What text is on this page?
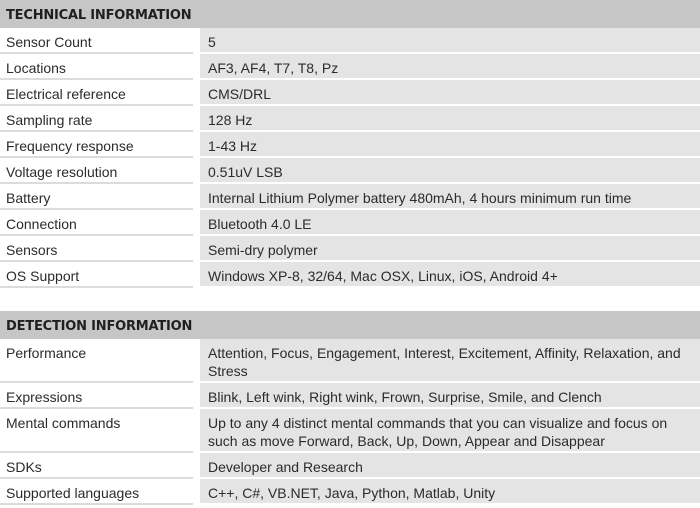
TECHNICAL INFORMATION
Sensor Count	5
Locations	AF3, AF4, T7, T8, Pz
Electrical reference	CMS/DRL
Sampling rate	128 Hz
Frequency response	1-43 Hz
Voltage resolution	0.51uV LSB
Battery	Internal Lithium Polymer battery 480mAh, 4 hours minimum run time
Connection	Bluetooth 4.0 LE
Sensors	Semi-dry polymer
OS Support	Windows XP-8, 32/64, Mac OSX, Linux, iOS, Android 4+
DETECTION INFORMATION
Performance	Attention, Focus, Engagement, Interest, Excitement, Affinity, Relaxation, and Stress
Expressions	Blink, Left wink, Right wink, Frown, Surprise, Smile, and Clench
Mental commands	Up to any 4 distinct mental commands that you can visualize and focus on such as move Forward, Back, Up, Down, Appear and Disappear
SDKs	Developer and Research
Supported languages	C++, C#, VB.NET, Java, Python, Matlab, Unity
